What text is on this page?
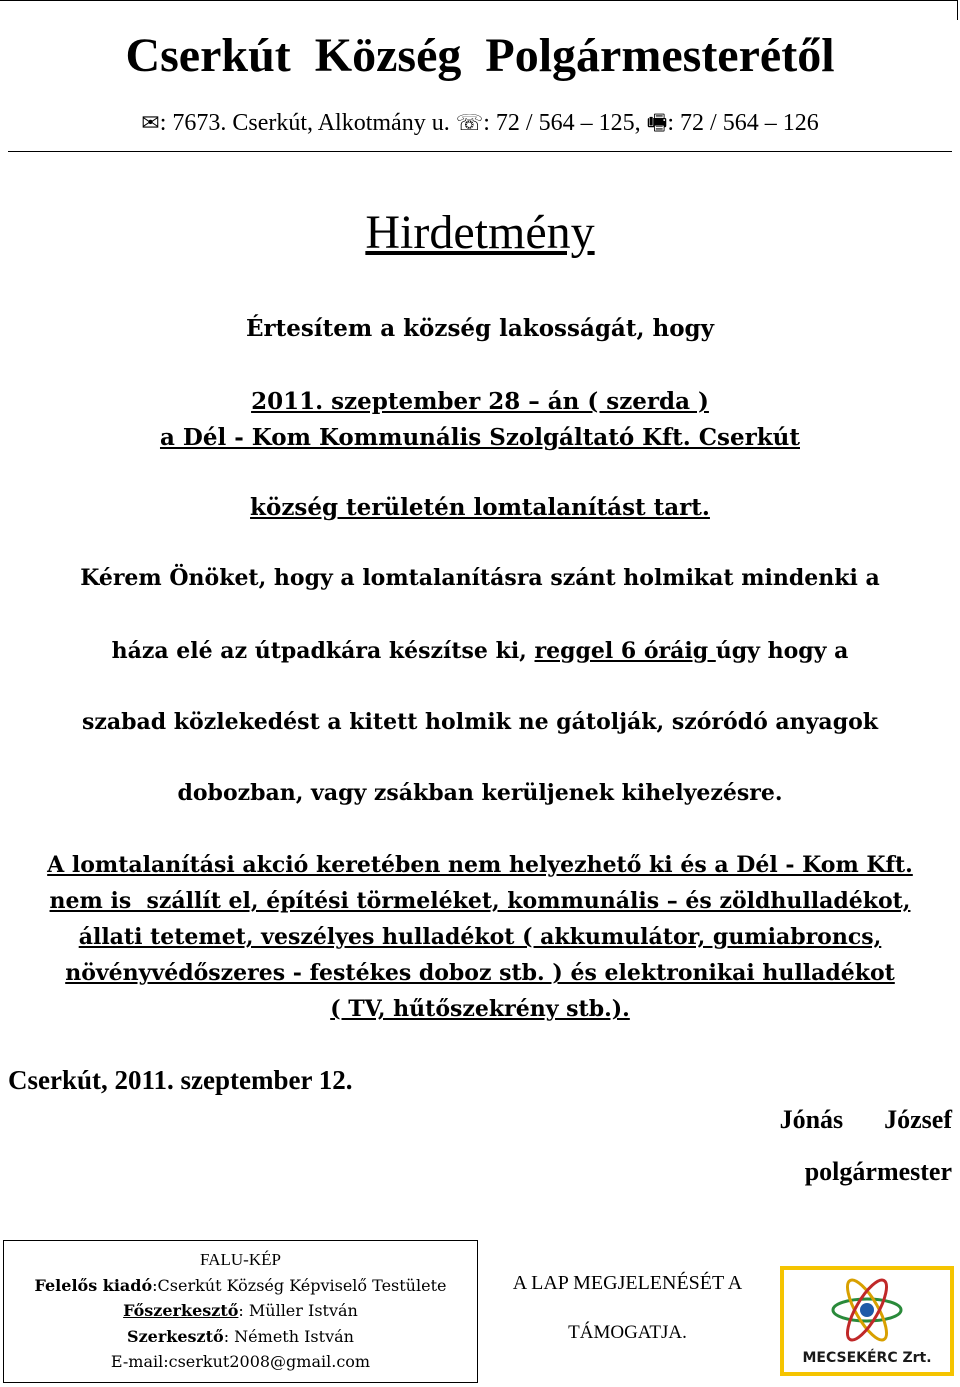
Cserkút  Község  Polgármesterétől
✉: 7673. Cserkút, Alkotmány u. ☏: 72 / 564 – 125, 🖷: 72 / 564 – 126
Hirdetmény
Értesítem a község lakosságát, hogy
2011. szeptember 28 – án ( szerda )
a Dél - Kom Kommunális Szolgáltató Kft. Cserkút
község területén lomtalanítást tart.
Kérem Önöket, hogy a lomtalanításra szánt holmikat mindenki a
háza elé az útpadkára készítse ki, reggel 6 óráig úgy hogy a
szabad közlekedést a kitett holmik ne gátolják, szóródó anyagok
dobozban, vagy zsákban kerüljenek kihelyezésre.
A lomtalanítási akció keretében nem helyezhető ki és a Dél - Kom Kft.
nem is  szállít el, építési törmeléket, kommunális – és zöldhulladékot,
állati tetemet, veszélyes hulladékot ( akkumulátor, gumiabroncs,
növényvédőszeres - festékes doboz stb. ) és elektronikai hulladékot
( TV, hűtőszekrény stb.).
Cserkút, 2011. szeptember 12.
Jónás  József
polgármester
FALU-KÉP
Felelős kiadó:Cserkút Község Képviselő Testülete
Főszerkesztő: Müller István
Szerkesztő: Németh István
E-mail:cserkut2008@gmail.com
A LAP MEGJELENÉSÉT A
TÁMOGATJA.
MECSEKÉRC Zrt.
